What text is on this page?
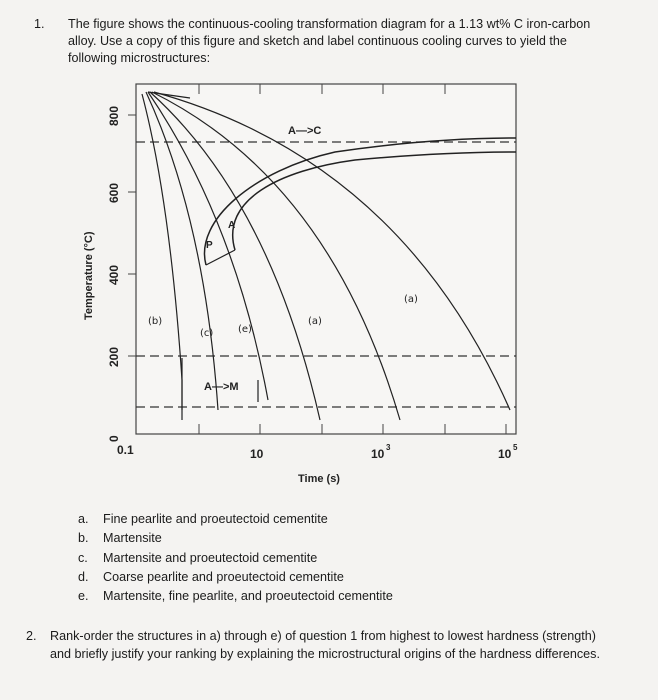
1. The figure shows the continuous-cooling transformation diagram for a 1.13 wt% C iron-carbon alloy. Use a copy of this figure and sketch and label continuous cooling curves to yield the following microstructures:
800
600
400
200
0
Temperature (°C)
0.1	10	10 3	10 5
Time (s)
A—>C
P
A
A—>M
(a)
(b)
(c) (e)
(a)
a. Fine pearlite and proeutectoid cementite
b. Martensite
c. Martensite and proeutectoid cementite
d. Coarse pearlite and proeutectoid cementite
e. Martensite, fine pearlite, and proeutectoid cementite
2. Rank-order the structures in a) through e) of question 1 from highest to lowest hardness (strength) and briefly justify your ranking by explaining the microstructural origins of the hardness differences.
